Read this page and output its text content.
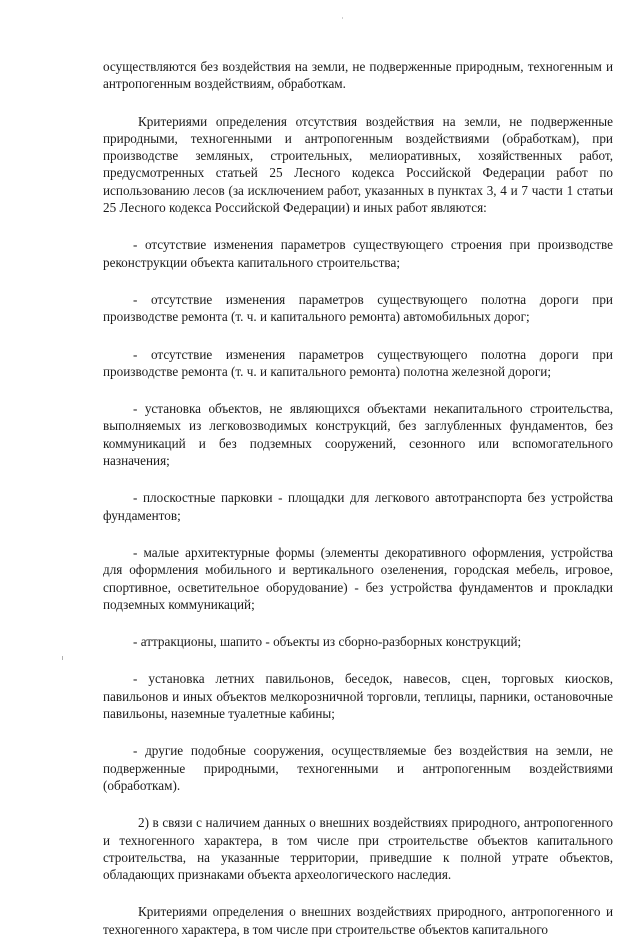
осуществляются без воздействия на земли, не подверженные природным, техногенным и антропогенным воздействиям, обработкам.

Критериями определения отсутствия воздействия на земли, не подверженные природными, техногенными и антропогенным воздействиями (обработкам), при производстве земляных, строительных, мелиоративных, хозяйственных работ, предусмотренных статьей 25 Лесного кодекса Российской Федерации работ по использованию лесов (за исключением работ, указанных в пунктах 3, 4 и 7 части 1 статьи 25 Лесного кодекса Российской Федерации) и иных работ являются:

- отсутствие изменения параметров существующего строения при производстве реконструкции объекта капитального строительства;

- отсутствие изменения параметров существующего полотна дороги при производстве ремонта (т. ч. и капитального ремонта) автомобильных дорог;

- отсутствие изменения параметров существующего полотна дороги при производстве ремонта (т. ч. и капитального ремонта) полотна железной дороги;

- установка объектов, не являющихся объектами некапитального строительства, выполняемых из легковозводимых конструкций, без заглубленных фундаментов, без коммуникаций и без подземных сооружений, сезонного или вспомогательного назначения;

- плоскостные парковки - площадки для легкового автотранспорта без устройства фундаментов;

- малые архитектурные формы (элементы декоративного оформления, устройства для оформления мобильного и вертикального озеленения, городская мебель, игровое, спортивное, осветительное оборудование) - без устройства фундаментов и прокладки подземных коммуникаций;

- аттракционы, шапито - объекты из сборно-разборных конструкций;

- установка летних павильонов, беседок, навесов, сцен, торговых киосков, павильонов и иных объектов мелкорозничной торговли, теплицы, парники, остановочные павильоны, наземные туалетные кабины;

- другие подобные сооружения, осуществляемые без воздействия на земли, не подверженные природными, техногенными и антропогенным воздействиями (обработкам).

2) в связи с наличием данных о внешних воздействиях природного, антропогенного и техногенного характера, в том числе при строительстве объектов капитального строительства, на указанные территории, приведшие к полной утрате объектов, обладающих признаками объекта археологического наследия.

Критериями определения о внешних воздействиях природного, антропогенного и техногенного характера, в том числе при строительстве объектов капитального
